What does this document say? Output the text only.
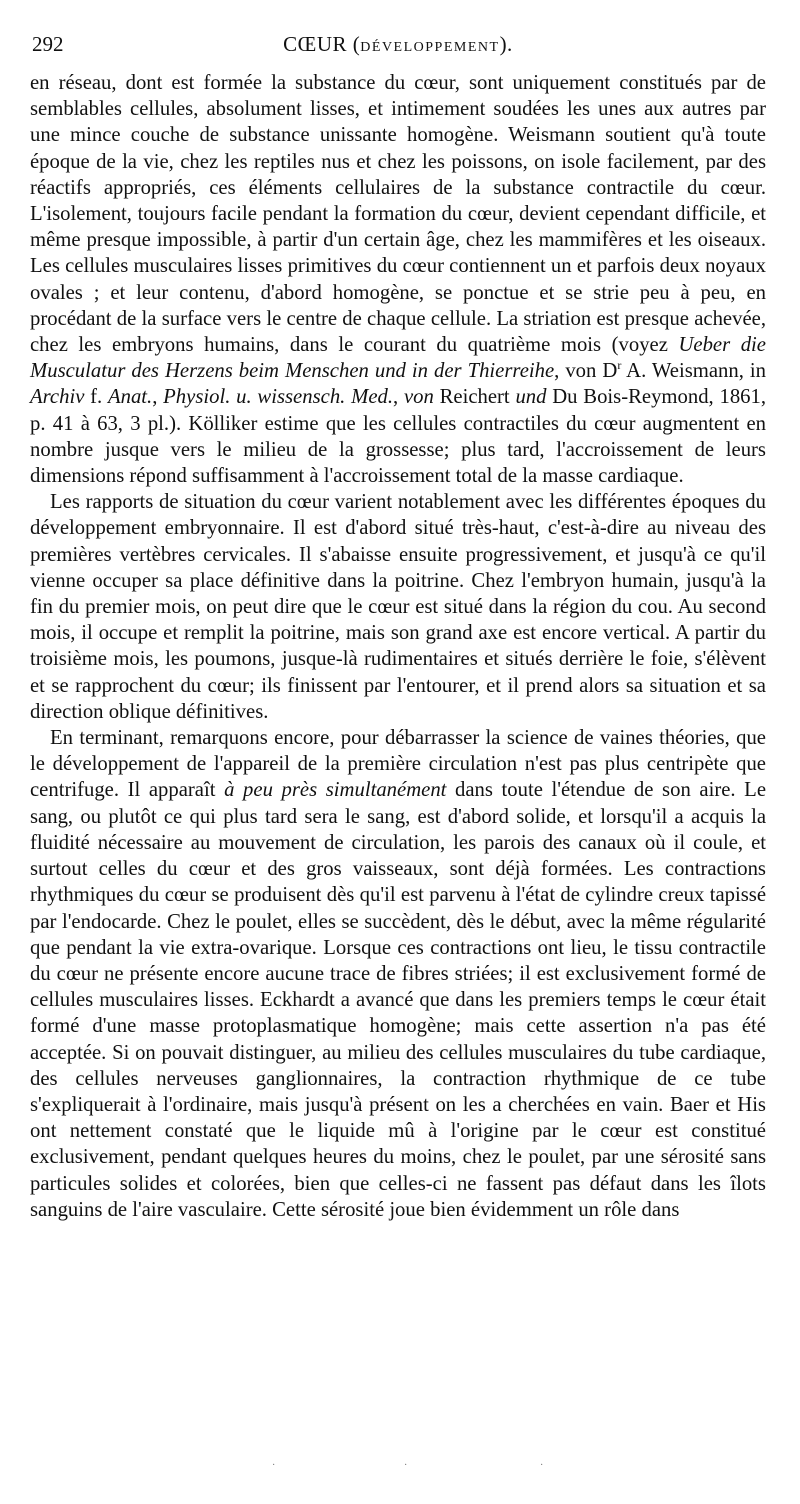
292	CŒUR (DÉVELOPPEMENT).

en réseau, dont est formée la substance du cœur, sont uniquement constitués par de semblables cellules, absolument lisses, et intimement soudées les unes aux autres par une mince couche de substance unissante homogène. Weismann soutient qu'à toute époque de la vie, chez les reptiles nus et chez les poissons, on isole facilement, par des réactifs appropriés, ces éléments cellulaires de la substance contractile du cœur. L'isolement, toujours facile pendant la formation du cœur, devient cependant difficile, et même presque impossible, à partir d'un certain âge, chez les mammifères et les oiseaux. Les cellules musculaires lisses primitives du cœur contiennent un et parfois deux noyaux ovales ; et leur contenu, d'abord homogène, se ponctue et se strie peu à peu, en procédant de la surface vers le centre de chaque cellule. La striation est presque achevée, chez les embryons humains, dans le courant du quatrième mois (voyez Ueber die Musculatur des Herzens beim Menschen und in der Thierreihe, von $D^r$ A. Weismann, in Archiv f. Anat., Physiol. u. wissensch. Med., von Reichert und Du Bois-Reymond, 1861, p. 41 à 63, 3 pl.). Kölliker estime que les cellules contractiles du cœur augmentent en nombre jusque vers le milieu de la grossesse; plus tard, l'accroissement de leurs dimensions répond suffisamment à l'accroissement total de la masse cardiaque.

Les rapports de situation du cœur varient notablement avec les différentes époques du développement embryonnaire. Il est d'abord situé très-haut, c'est-à-dire au niveau des premières vertèbres cervicales. Il s'abaisse ensuite progressivement, et jusqu'à ce qu'il vienne occuper sa place définitive dans la poitrine. Chez l'embryon humain, jusqu'à la fin du premier mois, on peut dire que le cœur est situé dans la région du cou. Au second mois, il occupe et remplit la poitrine, mais son grand axe est encore vertical. A partir du troisième mois, les poumons, jusque-là rudimentaires et situés derrière le foie, s'élèvent et se rapprochent du cœur; ils finissent par l'entourer, et il prend alors sa situation et sa direction oblique définitives.

En terminant, remarquons encore, pour débarrasser la science de vaines théories, que le développement de l'appareil de la première circulation n'est pas plus centripète que centrifuge. Il apparaît à peu près simultanément dans toute l'étendue de son aire. Le sang, ou plutôt ce qui plus tard sera le sang, est d'abord solide, et lorsqu'il a acquis la fluidité nécessaire au mouvement de circulation, les parois des canaux où il coule, et surtout celles du cœur et des gros vaisseaux, sont déjà formées. Les contractions rhythmiques du cœur se produisent dès qu'il est parvenu à l'état de cylindre creux tapissé par l'endocarde. Chez le poulet, elles se succèdent, dès le début, avec la même régularité que pendant la vie extra-ovarique. Lorsque ces contractions ont lieu, le tissu contractile du cœur ne présente encore aucune trace de fibres striées; il est exclusivement formé de cellules musculaires lisses. Eckhardt a avancé que dans les premiers temps le cœur était formé d'une masse protoplasmatique homogène; mais cette assertion n'a pas été acceptée. Si on pouvait distinguer, au milieu des cellules musculaires du tube cardiaque, des cellules nerveuses ganglionnaires, la contraction rhythmique de ce tube s'expliquerait à l'ordinaire, mais jusqu'à présent on les a cherchées en vain. Baer et His ont nettement constaté que le liquide mû à l'origine par le cœur est constitué exclusivement, pendant quelques heures du moins, chez le poulet, par une sérosité sans particules solides et colorées, bien que celles-ci ne fassent pas défaut dans les îlots sanguins de l'aire vasculaire. Cette sérosité joue bien évidemment un rôle dans

·	·	·
